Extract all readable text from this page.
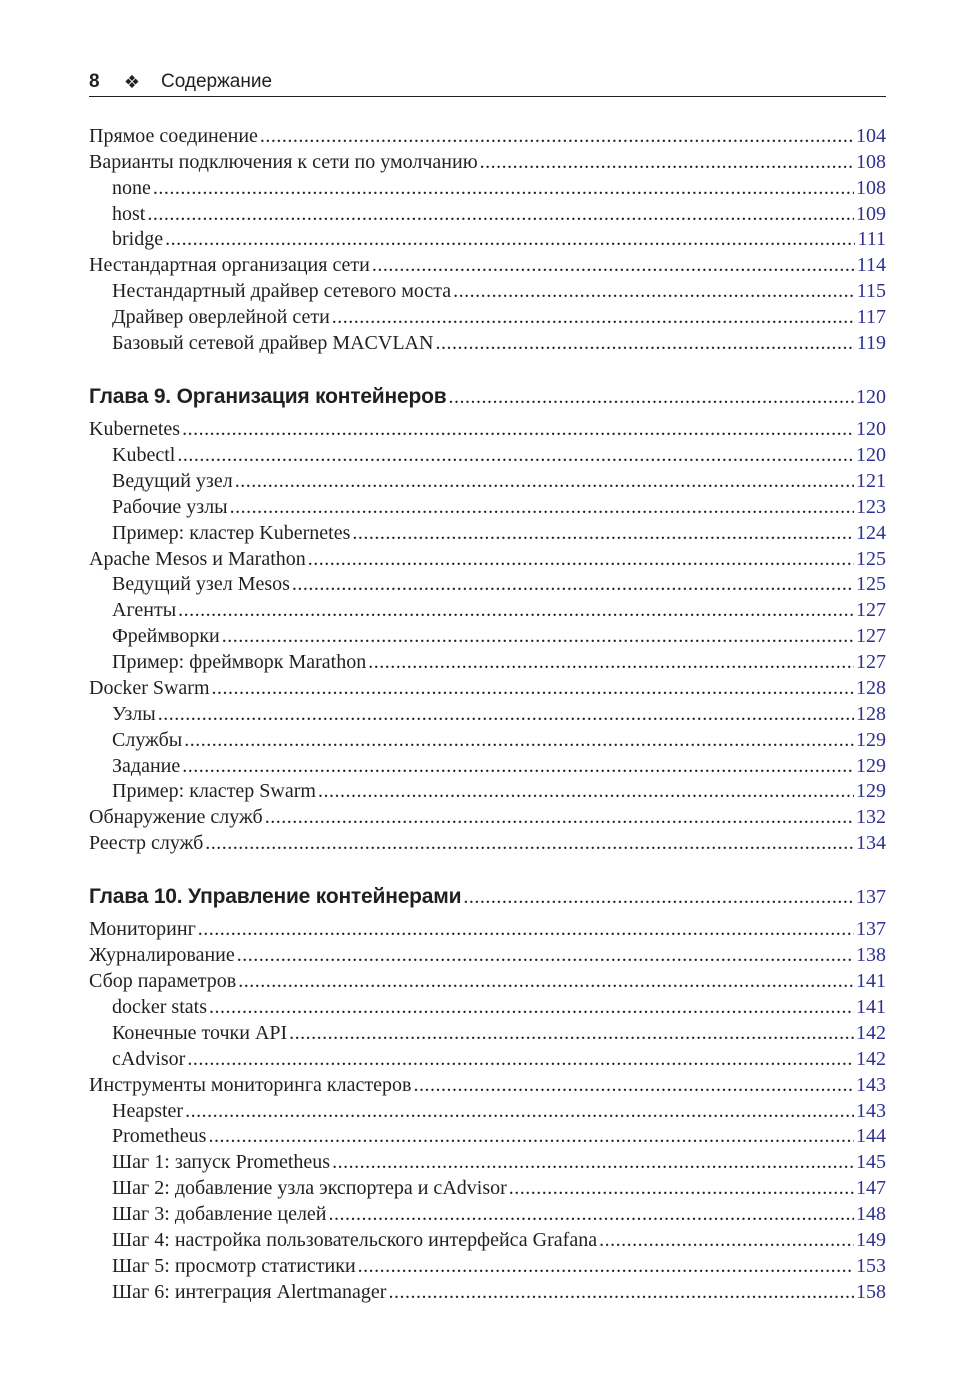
8	❖	Содержание
Прямое соединение .....	104
Варианты подключения к сети по умолчанию .....	108
none .....	108
host .....	109
bridge .....	111
Нестандартная организация сети .....	114
Нестандартный драйвер сетевого моста .....	115
Драйвер оверлейной сети .....	117
Базовый сетевой драйвер MACVLAN .....	119
Глава 9. Организация контейнеров .....	120
Kubernetes .....	120
Kubectl .....	120
Ведущий узел .....	121
Рабочие узлы .....	123
Пример: кластер Kubernetes .....	124
Apache Mesos и Marathon .....	125
Ведущий узел Mesos .....	125
Агенты .....	127
Фреймворки .....	127
Пример: фреймворк Marathon .....	127
Docker Swarm .....	128
Узлы .....	128
Службы .....	129
Задание .....	129
Пример: кластер Swarm .....	129
Обнаружение служб .....	132
Реестр служб .....	134
Глава 10. Управление контейнерами .....	137
Мониторинг .....	137
Журналирование .....	138
Сбор параметров .....	141
docker stats .....	141
Конечные точки API .....	142
cAdvisor .....	142
Инструменты мониторинга кластеров .....	143
Heapster .....	143
Prometheus .....	144
Шаг 1: запуск Prometheus .....	145
Шаг 2: добавление узла экспортера и cAdvisor .....	147
Шаг 3: добавление целей .....	148
Шаг 4: настройка пользовательского интерфейса Grafana .....	149
Шаг 5: просмотр статистики .....	153
Шаг 6: интеграция Alertmanager .....	158
